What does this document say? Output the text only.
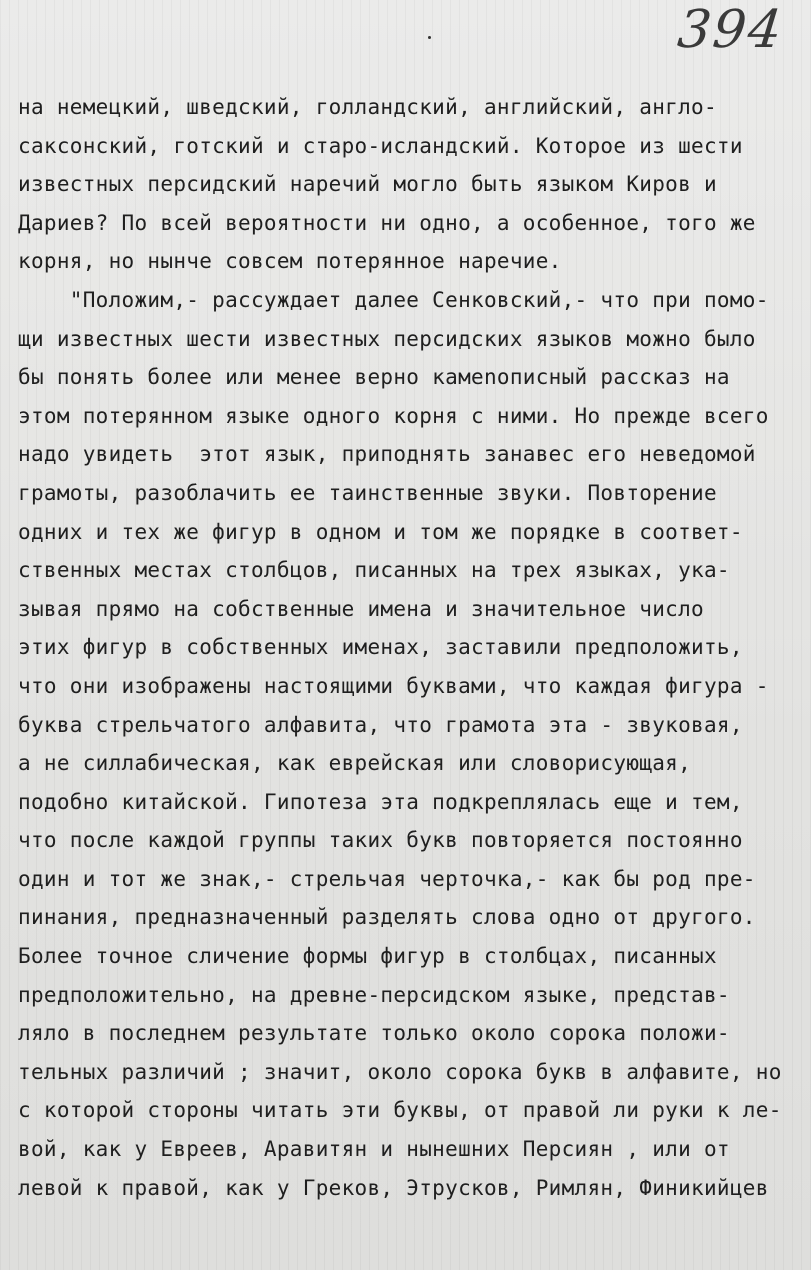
394
на немецкий, шведский, голландский, английский, англо-
саксонский, готский и старо-исландский. Которое из шести
известных персидский наречий могло быть языком Киров и
Дариев? По всей вероятности ни одно, а особенное, того же
корня, но нынче совсем потерянное наречие.
"Положим,- рассуждает далее Сенковский,- что при помо-
щи известных шести известных персидских языков можно было
бы понять более или менее верно камenописный рассказ на
этом потерянном языке одного корня с ними. Но прежде всего
надо увидеть  этот язык, приподнять занавес его неведомой
грамоты, разоблачить ее таинственные звуки. Повторение
одних и тех же фигур в одном и том же порядке в соответ-
ственных местах столбцов, писанных на трех языках, ука-
зывая прямо на собственные имена и значительное число
этих фигур в собственных именах, заставили предположить,
что они изображены настоящими буквами, что каждая фигура -
буква стрельчатого алфавита, что грамота эта - звуковая,
а не силлабическая, как еврейская или словорисующая,
подобно китайской. Гипотеза эта подкреплялась еще и тем,
что после каждой группы таких букв повторяется постоянно
один и тот же знак,- стрельчая черточка,- как бы род пре-
пинания, предназначенный разделять слова одно от другого.
Более точное сличение формы фигур в столбцах, писанных
предположительно, на древне-персидском языке, представ-
ляло в последнем результате только около сорока положи-
тельных различий ; значит, около сорока букв в алфавите, но
с которой стороны читать эти буквы, от правой ли руки к ле-
вой, как у Евреев, Аравитян и нынешних Персиян , или от
левой к правой, как у Греков, Этрусков, Римлян, Финикийцев
